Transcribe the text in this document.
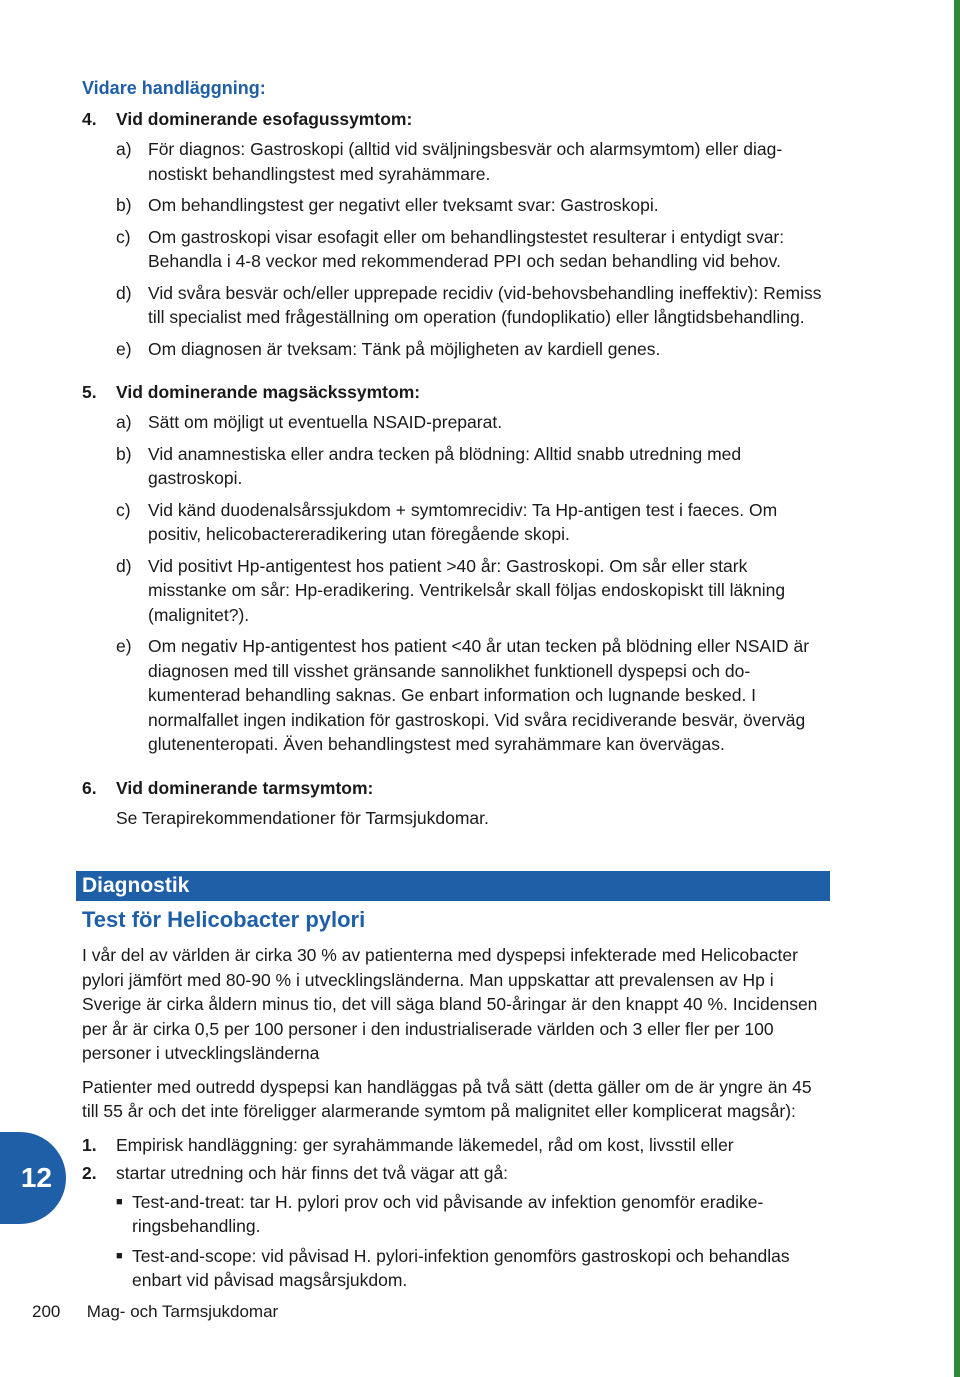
Vidare handläggning:
4.	Vid dominerande esofagussymtom:
a) För diagnos: Gastroskopi (alltid vid sväljningsbesvär och alarmsymtom) eller diagnostiskt behandlingstest med syrahämmare.
b) Om behandlingstest ger negativt eller tveksamt svar: Gastroskopi.
c) Om gastroskopi visar esofagit eller om behandlingstestet resulterar i entydigt svar: Behandla i 4-8 veckor med rekommenderad PPI och sedan behandling vid behov.
d) Vid svåra besvär och/eller upprepade recidiv (vid-behovsbehandling ineffektiv): Remiss till specialist med frågeställning om operation (fundoplikatio) eller långtidsbehandling.
e) Om diagnosen är tveksam: Tänk på möjligheten av kardiell genes.
5.	Vid dominerande magsäckssymtom:
a) Sätt om möjligt ut eventuella NSAID-preparat.
b) Vid anamnestiska eller andra tecken på blödning: Alltid snabb utredning med gastroskopi.
c) Vid känd duodenalsårssjukdom + symtomrecidiv: Ta Hp-antigen test i faeces. Om positiv, helicobactereradikering utan föregående skopi.
d) Vid positivt Hp-antigentest hos patient >40 år: Gastroskopi. Om sår eller stark misstanke om sår: Hp-eradikering. Ventrikelsår skall följas endoskopiskt till läkning (malignitet?).
e) Om negativ Hp-antigentest hos patient <40 år utan tecken på blödning eller NSAID är diagnosen med till visshet gränsande sannolikhet funktionell dyspepsi och dokumenterad behandling saknas. Ge enbart information och lugnande besked. I normalfallet ingen indikation för gastroskopi. Vid svåra recidiverande besvär, överväg glutenenteropati. Även behandlingstest med syrahämmare kan övervägas.
6.	Vid dominerande tarmsymtom:
Se Terapirekommendationer för Tarmsjukdomar.
Diagnostik
Test för Helicobacter pylori
I vår del av världen är cirka 30 % av patienterna med dyspepsi infekterade med Helicobacter pylori jämfört med 80-90 % i utvecklingsländerna. Man uppskattar att prevalensen av Hp i Sverige är cirka åldern minus tio, det vill säga bland 50-åringar är den knappt 40 %. Incidensen per år är cirka 0,5 per 100 personer i den industrialiserade världen och 3 eller fler per 100 personer i utvecklingsländerna
Patienter med outredd dyspepsi kan handläggas på två sätt (detta gäller om de är yngre än 45 till 55 år och det inte föreligger alarmerande symtom på malignitet eller komplicerat magsår):
1.	Empirisk handläggning: ger syrahämmande läkemedel, råd om kost, livsstil eller
2.	startar utredning och här finns det två vägar att gå:
■ Test-and-treat: tar H. pylori prov och vid påvisande av infektion genomför eradikeringsbehandling.
■ Test-and-scope: vid påvisad H. pylori-infektion genomförs gastroskopi och behandlas enbart vid påvisad magsårsjukdom.
12
200 Mag- och Tarmsjukdomar
